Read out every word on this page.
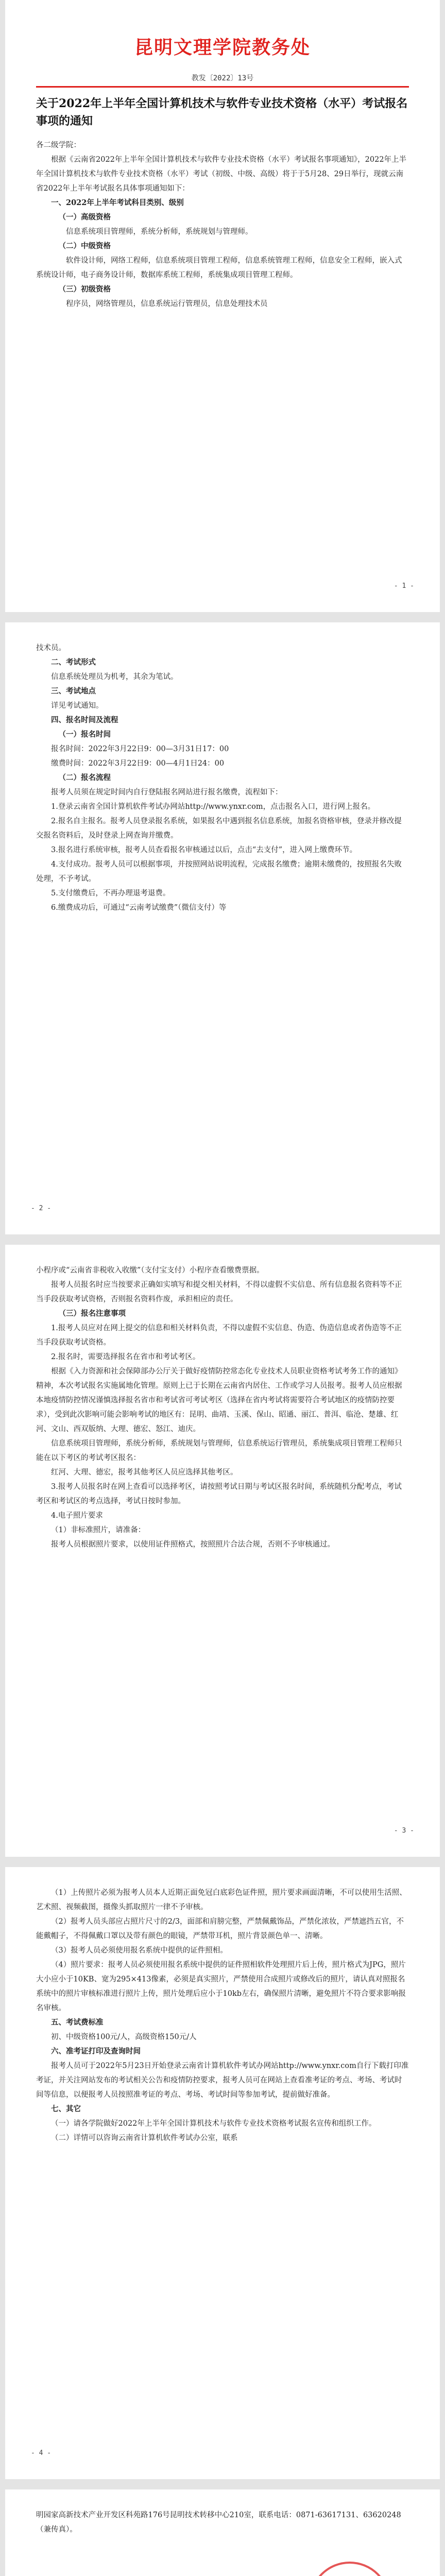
昆明文理学院教务处
教发〔2022〕13号
关于2022年上半年全国计算机技术与软件专业技术资格（水平）考试报名事项的通知

各二级学院：

根据《云南省2022年上半年全国计算机技术与软件专业技术资格（水平）考试报名事项通知》，2022年上半年全国计算机技术与软件专业技术资格（水平）考试（初级、中级、高级）将于于5月28、29日举行，现就云南省2022年上半年考试报名具体事项通知如下：

一、2022年上半年考试科目类别、级别

（一）高级资格

信息系统项目管理师，系统分析师，系统规划与管理师。

（二）中级资格

软件设计师，网络工程师，信息系统项目管理工程师，信息系统管理工程师，信息安全工程师，嵌入式系统设计师，电子商务设计师，数据库系统工程师，系统集成项目管理工程师。

（三）初级资格

程序员，网络管理员，信息系统运行管理员，信息处理技术员

- 1 -

技术员。

二、考试形式

信息系统处理员为机考，其余为笔试。

三、考试地点

详见考试通知。

四、报名时间及流程

（一）报名时间

报名时间：2022年3月22日9：00—3月31日17：00

缴费时间：2022年3月22日9：00—4月1日24：00

（二）报名流程

报考人员须在规定时间内自行登陆报名网站进行报名缴费，流程如下：

1.登录云南省全国计算机软件考试办网站http://www.ynxr.com，点击报名入口，进行网上报名。

2.报名自主报名。报考人员登录报名系统，如果报名中遇到报名信息系统，加报名资格审核，登录并修改提交报名资料后，及时登录上网查询并缴费。

3.报名进行系统审核，报考人员查看报名审核通过以后，点击“去支付”，进入网上缴费环节。

4.支付成功。报考人员可以根据事项，并按照网站说明流程，完成报名缴费；逾期未缴费的，按照报名失败处理，不予考试。

5.支付缴费后，不再办理退考退费。

6.缴费成功后，可通过“云南考试缴费”（微信支付）等

- 2 -

小程序或“云南省非税收入收缴”（支付宝支付）小程序查看缴费票据。

报考人员报名时应当按要求正确如实填写和提交相关材料，不得以虚假不实信息、所有信息报名资料等不正当手段获取考试资格，否则报名资料作废，承担相应的责任。

（三）报名注意事项

1.报考人员应对在网上提交的信息和相关材料负责，不得以虚假不实信息、伪造、伪造信息或者伪造等不正当手段获取考试资格。

2.报名时，需要选择报名在省市和考试考区。

根据《入力资源和社会保障部办公厅关于做好疫情防控常态化专业技术人员职业资格考试考务工作的通知》精神，本次考试报名实施属地化管理。原则上已于长期在云南省内居住、工作或学习人员报考。报考人员应根据本地疫情防控情况谨慎选择报名省市和考试省可考试考区（选择在省内考试将需要符合考试地区的疫情防控要求），受到此次影响可能会影响考试的地区有：昆明、曲靖、玉溪、保山、昭通、丽江、普洱、临沧、楚雄、红河、文山、西双版纳、大理、德宏、怒江、迪庆。

信息系统项目管理师，系统分析师，系统规划与管理师，信息系统运行管理员，系统集成项目管理工程师只能在以下考区的考试考区报名：

红河、大理、德宏，报考其他考区人员应选择其他考区。

3.报考人员报名时在网上查看可以选择考区，请按照考试日期与考试区报名时间，系统随机分配考点，考试考区和考试区的考点选择，考试日按时参加。

4.电子照片要求

（1）非标准照片，请准备：

报考人员根据照片要求，以使用证件照格式，按照照片合法合规，否则不予审核通过。

- 3 -

（1）上传照片必须为报考人员本人近期正面免冠白底彩色证件照，照片要求画面清晰，不可以使用生活照、艺术照、视频截图，摄像头抓取照片一律不予审核。

（2）报考人员头部应占照片尺寸的2/3，面部和肩膀完整，严禁佩戴饰品，严禁化浓妆，严禁遮挡五官，不能戴帽子，不得佩戴口罩以及带有颜色的眼镜，严禁带耳机，照片背景颜色单一、清晰。

（3）报考人员必须使用报名系统中提供的证件照相。

（4）照片要求：报考人员必须使用报名系统中提供的证件照相软件处理照片后上传，照片格式为JPG，照片大小应小于10KB、宽为295×413像素，必须是真实照片，严禁使用合成照片或修改后的照片，请认真对照报名系统中的照片审核标准进行照片上传，照片处理后应小于10kb左右，确保照片清晰，避免照片不符合要求影响报名审核。

五、考试费标准

初、中级资格100元/人，高级资格150元/人

六、准考证打印及查询时间

报考人员可于2022年5月23日开始登录云南省计算机软件考试办网站http://www.ynxr.com自行下载打印准考证，并关注网站发布的考试相关公告和疫情防控要求，报考人员可在网站上查看准考证的考点、考场、考试时间等信息，以便报考人员按照准考证的考点、考场、考试时间等参加考试，提前做好准备。

七、其它

（一）请各学院做好2022年上半年全国计算机技术与软件专业技术资格考试报名宣传和组织工作。

（二）详情可以咨询云南省计算机软件考试办公室，联系

- 4 -

明园家高新技术产业开发区科苑路176号昆明技术转移中心210室，联系电话：0871-63617131、63620248（兼传真）。
